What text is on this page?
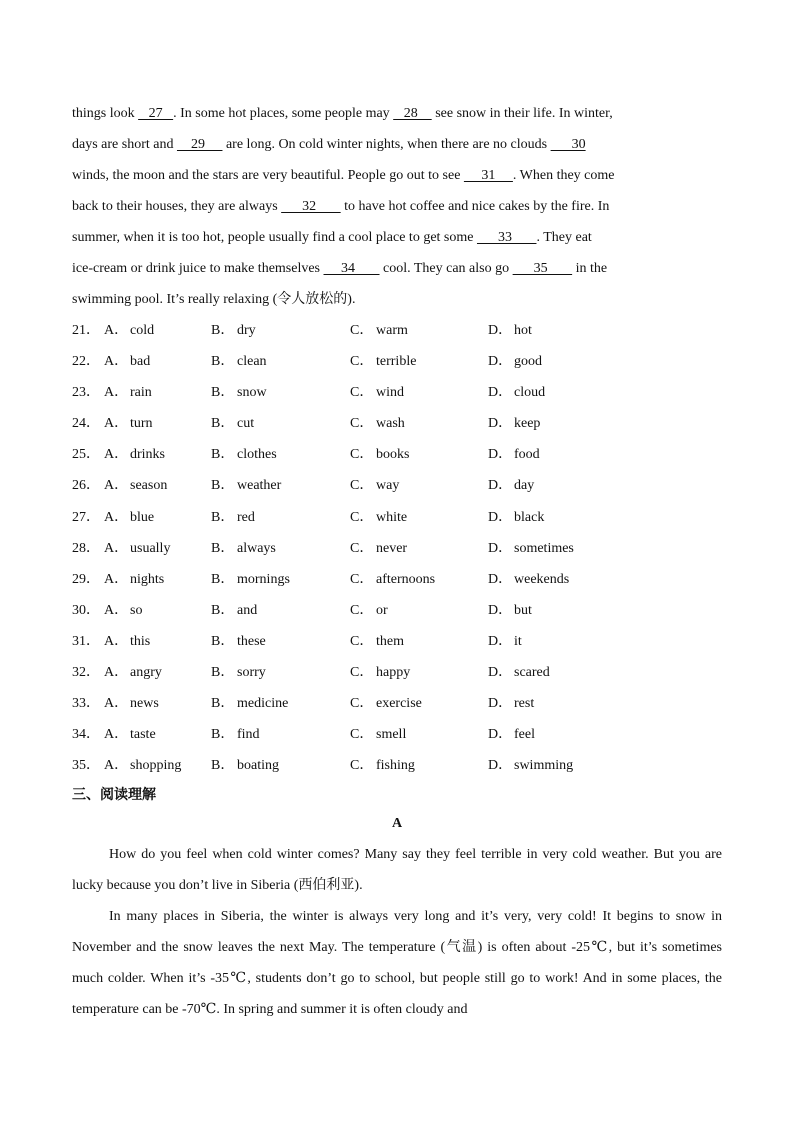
things look    27   . In some hot places, some people may    28     see snow in their life. In winter,

days are short and     29      are long. On cold winter nights, when there are no clouds       30

winds, the moon and the stars are very beautiful. People go out to see      31     . When they come

back to their houses, they are always       32        to have hot coffee and nice cakes by the fire. In

summer, when it is too hot, people usually find a cool place to get some       33       . They eat

ice-cream or drink juice to make themselves      34        cool. They can also go       35        in the

swimming pool. It’s really relaxing (令人放松的).

21． A． cold	B． dry	C． warm	D． hot
22． A． bad	B． clean	C． terrible	D． good
23． A． rain	B． snow	C． wind	D． cloud
24． A． turn	B． cut	C． wash	D． keep
25． A． drinks	B． clothes	C． books	D． food
26． A． season	B． weather	C． way	D． day
27． A． blue	B． red	C． white	D． black
28． A． usually	B． always	C． never	D． sometimes
29． A． nights	B． mornings	C． afternoons	D． weekends
30． A． so	B． and	C． or	D． but
31． A． this	B． these	C． them	D． it
32． A． angry	B． sorry	C． happy	D． scared
33． A． news	B． medicine	C． exercise	D． rest
34． A． taste	B． find	C． smell	D． feel
35． A． shopping B． boating	C． fishing	D． swimming
三、阅读理解
A

How do you feel when cold winter comes? Many say they feel terrible in very cold weather. But you are lucky because you don’t live in Siberia (西伯利亚).

In many places in Siberia, the winter is always very long and it’s very, very cold! It begins to snow in November and the snow leaves the next May. The temperature (气温) is often about -25℃, but it’s sometimes much colder. When it’s -35℃, students don’t go to school, but people still go to work! And in some places, the temperature can be -70℃. In spring and summer it is often cloudy and
